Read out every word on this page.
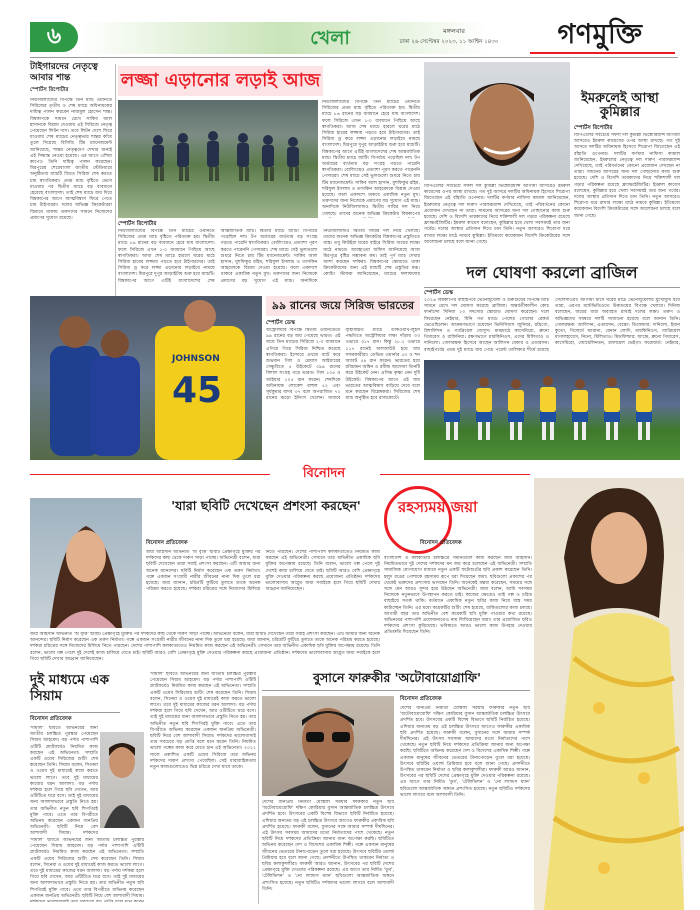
৬	খেলা	মঙ্গলবার
ঢাকা ২৬ সেপ্টেম্বর ২০২৩, ১১ আশ্বিন ১৪৩০	গণমুক্তি
টাইগারদের নেতৃত্বে আবার শান্ত
স্পোর্টস রিপোর্টার
নিউজিল্যান্ডের বিপক্ষে তিন ম্যাচ ওয়ানডে সিরিজের তৃতীয় ও শেষ ম্যাচে অধিনায়কের দায়িত্ব পালন করবেন নাজমুল হোসেন শান্ত। বিশ্বকাপকে সামনে রেখে সাকিব আল হাসানকে বিশ্রাম দেওয়ায় এই সিরিজে নেতৃত্ব পেয়েছেন লিটন দাস। তবে লিটন দেশে ফিরে যাওয়ায় শেষ ম্যাচের নেতৃত্বভার শান্তর কাঁধে তুলে দিয়েছে বিসিবি। টিম ম্যানেজমেন্ট জানিয়েছে, শান্তর নেতৃত্বগুণ দেখার জন্যই এই সিদ্ধান্ত নেওয়া হয়েছে। এর আগে এশিয়া কাপেও তিনি দায়িত্ব পালন করেছেন। মিরপুরের শেরেবাংলা জাতীয় স্টেডিয়ামে অনুষ্ঠিতব্য ম্যাচটি জিতে সিরিজ শেষ করতে চায় স্বাগতিকরা। প্রথম ম্যাচ বৃষ্টিতে ভেসে যাওয়ার পর দ্বিতীয় ম্যাচে বড় ব্যবধানে হেরেছে বাংলাদেশ। তাই শেষ ম্যাচে জয় দিয়ে বিশ্বকাপের আগে আত্মবিশ্বাস ফিরে পেতে চায় টাইগাররা। দলের অভিজ্ঞ ক্রিকেটাররা বিশ্রামে থাকায় তরুণদের সামনে নিজেদের প্রমাণের সুযোগ রয়েছে।
লজ্জা এড়ানোর লড়াই আজ
নিউজিল্যান্ডের বিপক্ষে তিন ম্যাচের ওয়ানডে সিরিজের প্রথম ম্যাচ বৃষ্টিতে পরিত্যক্ত হয়। দ্বিতীয় ম্যাচে ৮৬ রানের বড় ব্যবধানে হেরে যায় বাংলাদেশ। ফলে সিরিজে এখন ১-০ ব্যবধানে পিছিয়ে আছে স্বাগতিকরা। আজ শেষ ম্যাচে হারলে ঘরের মাঠে সিরিজ হারের লজ্জায় পড়তে হবে টাইগারদের। তাই সিরিজ ড্র করে লজ্জা এড়ানোর লড়াইয়ে নামছে বাংলাদেশ। মিরপুরে দুপুর আড়াইটায় শুরু হবে ম্যাচটি। বিশ্বকাপের আগে এটিই বাংলাদেশের শেষ আন্তর্জাতিক ম্যাচ। দ্বিতীয় ম্যাচে ব্যাটিং বিপর্যয়ে পড়েছিল দল। টপ অর্ডারের ব্যর্থতায় বড় সংগ্রহ গড়তে পারেনি স্বাগতিকরা। বোলিংয়েও প্রত্যাশা পূরণ করতে পারেননি পেসাররা। শেষ ম্যাচে সেই ভুলগুলো শুধরে নিতে চায় টিম ম্যানেজমেন্ট। সাকিব আল হাসান, মুশফিকুর রহিম, শরিফুল ইসলাম ও তাসকিন আহমেদকে বিশ্রাম দেওয়া হয়েছে। ফলে একাদশে থাকবে একাধিক নতুন মুখ। তরুণদের জন্য নিজেকে প্রমাণের বড় সুযোগ এই ম্যাচ। অন্যদিকে নিউজিল্যান্ডও দ্বিতীয় সারির দল নিয়ে খেলছে। তাদের অনেক অভিজ্ঞ ক্রিকেটার বিশ্বকাপের
স্পোর্টস রিপোর্টার
নিউজিল্যান্ডের বিপক্ষে তিন ম্যাচের ওয়ানডে সিরিজের প্রথম ম্যাচ বৃষ্টিতে পরিত্যক্ত হয়। দ্বিতীয় ম্যাচে ৮৬ রানের বড় ব্যবধানে হেরে যায় বাংলাদেশ। ফলে সিরিজে এখন ১-০ ব্যবধানে পিছিয়ে আছে স্বাগতিকরা। আজ শেষ ম্যাচে হারলে ঘরের মাঠে সিরিজ হারের লজ্জায় পড়তে হবে টাইগারদের। তাই সিরিজ ড্র করে লজ্জা এড়ানোর লড়াইয়ে নামছে বাংলাদেশ। মিরপুরে দুপুর আড়াইটায় শুরু হবে ম্যাচটি। বিশ্বকাপের আগে এটিই বাংলাদেশের শেষ আন্তর্জাতিক ম্যাচ। দ্বিতীয় ম্যাচে ব্যাটিং বিপর্যয়ে পড়েছিল দল। টপ অর্ডারের ব্যর্থতায় বড় সংগ্রহ গড়তে পারেনি স্বাগতিকরা। বোলিংয়েও প্রত্যাশা পূরণ করতে পারেননি পেসাররা। শেষ ম্যাচে সেই ভুলগুলো শুধরে নিতে চায় টিম ম্যানেজমেন্ট। সাকিব আল হাসান, মুশফিকুর রহিম, শরিফুল ইসলাম ও তাসকিন আহমেদকে বিশ্রাম দেওয়া হয়েছে। ফলে একাদশে থাকবে একাধিক নতুন মুখ। তরুণদের জন্য নিজেকে প্রমাণের বড় সুযোগ এই ম্যাচ। অন্যদিকে নিউজিল্যান্ডও দ্বিতীয় সারির দল নিয়ে খেলছে। তাদের অনেক অভিজ্ঞ ক্রিকেটার বিশ্বকাপের প্রস্তুতিতে ব্যস্ত। তবু কিউইরা ঘরের বাইরে সিরিজ জয়ের লক্ষ্যে মাঠে নামবে। আবহাওয়া অফিস জানিয়েছে আজ মিরপুরে বৃষ্টির সম্ভাবনা কম। তাই পূর্ণ ম্যাচ দেখার আশা করছেন দর্শকরা। বিশ্বকাপের স্কোয়াডে থাকা ক্রিকেটারদের জন্য এই ম্যাচটি শেষ প্রস্তুতির মঞ্চ। কোচিং স্টাফরা জানিয়েছেন, ম্যাচের ফলাফলের
ইমরুলেই আস্থা কুমিল্লার
স্পোর্টস রিপোর্টার
বিপিএলের সবচেয়ে সফল দল কুমিল্লা ভিক্টোরিয়ান্স আগামী আসরেও ইমরুল কায়েসের ওপর আস্থা রাখছে। গত দুই আসরে দলটির অধিনায়ক হিসেবে শিরোপা জিতেছেন এই বাঁহাতি ওপেনার। দলটির কর্ণধার নাফিসা কামাল জানিয়েছেন, ইমরুলের নেতৃত্বে দল দারুণ পারফরম্যান্স দেখিয়েছে, তাই পরিবর্তনের কোনো প্রয়োজন দেখছেন না তারা। সামনের আসরের জন্য দল গোছানোর কাজ শুরু হয়েছে। দেশি ও বিদেশি তারকাদের নিয়ে শক্তিশালী দল গড়ার পরিকল্পনা রয়েছে ফ্র্যাঞ্চাইজিটির। ইমরুল কায়েস বলেছেন, কুমিল্লার হয়ে খেলা সবসময়ই তার জন্য গর্বের। দলের আস্থার প্রতিদান দিতে চান তিনি। নতুন আসরেও শিরোপা ধরে রাখার লক্ষ্যে মাঠে নামবে কুমিল্লা। ইতিমধ্যে কয়েকজন বিদেশি ক্রিকেটারের সঙ্গে আলোচনা চলছে বলে জানা গেছে।
বিপিএলের সবচেয়ে সফল দল কুমিল্লা ভিক্টোরিয়ান্স আগামী আসরেও ইমরুল কায়েসের ওপর আস্থা রাখছে। গত দুই আসরে দলটির অধিনায়ক হিসেবে শিরোপা জিতেছেন এই বাঁহাতি ওপেনার। দলটির কর্ণধার নাফিসা কামাল জানিয়েছেন, ইমরুলের নেতৃত্বে দল দারুণ পারফরম্যান্স দেখিয়েছে, তাই পরিবর্তনের কোনো প্রয়োজন দেখছেন না তারা। সামনের আসরের জন্য দল গোছানোর কাজ শুরু হয়েছে। দেশি ও বিদেশি তারকাদের নিয়ে শক্তিশালী দল গড়ার পরিকল্পনা রয়েছে ফ্র্যাঞ্চাইজিটির। ইমরুল কায়েস বলেছেন, কুমিল্লার হয়ে খেলা সবসময়ই তার জন্য গর্বের। দলের আস্থার প্রতিদান দিতে চান তিনি। নতুন আসরেও শিরোপা ধরে রাখার লক্ষ্যে মাঠে নামবে কুমিল্লা। ইতিমধ্যে কয়েকজন বিদেশি ক্রিকেটারের সঙ্গে আলোচনা চলছে বলে জানা গেছে।
দল ঘোষণা করলো ব্রাজিল
স্পোর্টস ডেস্ক
২০২৬ বিশ্বকাপের বাছাইপর্বে ভেনেজুয়েলা ও উরুগুয়ের বিপক্ষে ম্যাচ সামনে রেখে দল ঘোষণা করেছে ব্রাজিল। অন্তর্বর্তীকালীন কোচ ফার্নান্দো দিনিজ ২৩ সদস্যের স্কোয়াড ঘোষণা করেছেন। দলে ফিরেছেন নেইমার, যিনি গত ম্যাচে পেলের গোলের রেকর্ড ভেঙেছিলেন। আক্রমণভাগে রয়েছেন ভিনিসিয়াস জুনিয়র, রদ্রিগো, রিশার্লিসন ও গ্যাব্রিয়েল জেসুস। মাঝমাঠে কাসেমিরো, ব্রুনো গিমারেস ও রাফিনিয়া। রক্ষণভাগে মারকিনিওস, এদের মিলিতাও ও দানিলো। গোলরক্ষক হিসেবে আছেন আলিসন বেকার ও এডারসন। বাছাইপর্বের প্রথম দুই ম্যাচে জয় পেয়ে পয়েন্ট তালিকার শীর্ষে রয়েছে সেলেসাওরা। আগামী মাসে ঘরের মাঠে ভেনেজুয়েলার মুখোমুখি হবে তারা, এরপর মন্টেভিডিওতে উরুগুয়ের বিপক্ষে খেলবে। দিনিজ বলেছেন, জয়ের ধারা অব্যাহত রাখাই দলের লক্ষ্য। তরুণ ও অভিজ্ঞদের সমন্বয়ে দলটি সাজানো হয়েছে বলে জানান তিনি। গোলরক্ষক: আলিসন, এডারসন, বেন্তো। ডিফেন্ডার: দানিলো, ইয়ান কুতো, গিলের্মে আরানা, রেনান লোদি, মারকিনিওস, গ্যাব্রিয়েল মাগালহায়েস, নিনো, মিলিতাও। মিডফিল্ডার: আন্দ্রে, ব্রুনো গিমারেস, কাসেমিরো, জোয়েলিনতন, রাফায়েল ভেইগা। ফরোয়ার্ড: নেইমার,
45
JOHNSON
৯৯ রানের জয়ে সিরিজ ভারতের
স্পোর্টস ডেস্ক
অস্ট্রেলিয়ার বিপক্ষে দ্বিতীয় ওয়ানডেতে ৯৯ রানের বড় জয় পেয়েছে ভারত। এই জয়ে তিন ম্যাচের সিরিজে ২-০ ব্যবধানে এগিয়ে গিয়ে সিরিজ নিশ্চিত করেছে স্বাগতিকরা। ইন্দোরে প্রথমে ব্যাট করে শুভমান গিল ও শ্রেয়াস আইয়ারের সেঞ্চুরিতে ৫ উইকেটে ৩৯৯ রানের বিশাল সংগ্রহ গড়ে ভারত। গিল ১০৪ ও আইয়ার ১০৫ রান করেন। শেষদিকে অধিনায়ক লোকেশ রাহুল ৫২ এবং সূর্যকুমার যাদব ৩৭ বলে অপরাজিত ৭২ রানের ঝড়ো ইনিংস খেলেন। জবাবে বৃষ্টিবিঘ্নিত ম্যাচে ডাকওয়ার্থ-লুইস পদ্ধতিতে অস্ট্রেলিয়ার লক্ষ্য দাঁড়ায় ৩৩ ওভারে ৩১৭ রান। কিন্তু ২৮.২ ওভারে ২১৭ রানেই অলআউট হয়ে যায় সফরকারীরা। ডেভিড ওয়ার্নার ৫৩ ও শন অ্যাবট ৫৪ রান করেন। ভারতের হয়ে রবিচন্দ্রন অশ্বিন ও রবীন্দ্র জাদেজা তিনটি করে উইকেট নেন। প্রসিদ্ধ কৃষ্ণা নেন দুটি উইকেট। বিশ্বকাপের আগে এই জয় ভারতের আত্মবিশ্বাস বাড়িয়ে দেবে বলে মনে করছেন বিশ্লেষকরা। সিরিজের শেষ ম্যাচ অনুষ্ঠিত হবে রাজকোটে।
বিনোদন
'যারা ছবিটি দেখেছেন প্রশংসা করছেন'
বিনোদন প্রতিবেদক
জয়া আহসান অভিনীত 'অ বৃত্তি' ছবিটি প্রেক্ষাগৃহে মুক্তির পর দর্শকদের কাছ থেকে দারুণ সাড়া পাচ্ছে। অভিনেত্রী বলেন, যারা ছবিটি দেখেছেন তারা সবাই প্রশংসা করছেন। এটি আমার জন্য অনেক আনন্দের। ছবিটি নির্মাণ করেছেন এক তরুণ নির্মাতা। গল্পে একজন সংগ্রামী নারীর জীবনের নানা দিক তুলে ধরা হয়েছে। জয়া জানান, চরিত্রটি ফুটিয়ে তুলতে তাকে অনেক পরিশ্রম করতে হয়েছে। দর্শকরা চরিত্রের সঙ্গে নিজেদের মিলিয়ে নিতে পারছেন। দেশের পাশাপাশি কলকাতাতেও নিয়মিত কাজ করছেন এই অভিনেত্রী। সেখানে তার অভিনীত একাধিক ছবি মুক্তির অপেক্ষায় রয়েছে। তিনি বলেন, ভালো গল্প পেলে দুই দেশেই কাজ চালিয়ে যেতে চাই। ছবিটি আরও বেশি প্রেক্ষাগৃহে মুক্তি দেওয়ার পরিকল্পনা করছে প্রযোজনা প্রতিষ্ঠান। দর্শকদের ভালোবাসায় আপ্লুত জয়া সবাইকে হলে গিয়ে ছবিটি দেখার আহ্বান জানিয়েছেন।
জয়া আহসান অভিনীত 'অ বৃত্তি' ছবিটি প্রেক্ষাগৃহে মুক্তির পর দর্শকদের কাছ থেকে দারুণ সাড়া পাচ্ছে। অভিনেত্রী বলেন, যারা ছবিটি দেখেছেন তারা সবাই প্রশংসা করছেন। এটি আমার জন্য অনেক আনন্দের। ছবিটি নির্মাণ করেছেন এক তরুণ নির্মাতা। গল্পে একজন সংগ্রামী নারীর জীবনের নানা দিক তুলে ধরা হয়েছে। জয়া জানান, চরিত্রটি ফুটিয়ে তুলতে তাকে অনেক পরিশ্রম করতে হয়েছে। দর্শকরা চরিত্রের সঙ্গে নিজেদের মিলিয়ে নিতে পারছেন। দেশের পাশাপাশি কলকাতাতেও নিয়মিত কাজ করছেন এই অভিনেত্রী। সেখানে তার অভিনীত একাধিক ছবি মুক্তির অপেক্ষায় রয়েছে। তিনি বলেন, ভালো গল্প পেলে দুই দেশেই কাজ চালিয়ে যেতে চাই। ছবিটি আরও বেশি প্রেক্ষাগৃহে মুক্তি দেওয়ার পরিকল্পনা করছে প্রযোজনা প্রতিষ্ঠান। দর্শকদের ভালোবাসায় আপ্লুত জয়া সবাইকে হলে গিয়ে ছবিটি দেখার আহ্বান জানিয়েছেন।
রহস্যময় জয়া
বিনোদন প্রতিবেদক
বাংলাদেশ ও কলকাতার চলচ্চিত্রে সমানতালে কাজ করছেন জয়া আহসান। নিয়মিতভাবে দুই দেশের দর্শকদের মন জয় করে চলেছেন এই অভিনেত্রী। সম্প্রতি সামাজিক যোগাযোগ মাধ্যমে নতুন একটি ফটোশুটের ছবি প্রকাশ করেছেন তিনি। হলুদ রঙের পোশাকে রহস্যময় রূপে ধরা দিয়েছেন জয়া। ছবিগুলো প্রকাশের পর থেকেই ভক্তদের প্রশংসায় ভাসছেন তিনি। অনেকেই মন্তব্য করেছেন, সময়ের সঙ্গে সঙ্গে যেন আরও সুন্দর হয়ে উঠছেন অভিনেত্রী। জয়া বলেন, আমি সবসময় নিজেকে নতুনভাবে উপস্থাপন করতে চাই। কাজের ক্ষেত্রেও তাই গল্প ও চরিত্র বাছাইয়ে সতর্ক থাকি। বর্তমানে একাধিক নতুন ছবির কাজ নিয়ে ব্যস্ত সময় কাটাচ্ছেন তিনি। এর মধ্যে কয়েকটির শুটিং শেষ হয়েছে, বাকিগুলোর কাজ চলছে। আগামী বছর তার অভিনীত বেশ কয়েকটি ছবি মুক্তি পাওয়ার কথা রয়েছে। অভিনয়ের পাশাপাশি প্রযোজনাতেও নাম লিখিয়েছেন জয়া। তার প্রযোজিত ছবিও দর্শকদের প্রশংসা কুড়িয়েছে। ভবিষ্যতে আরও ভালো কাজ উপহার দেওয়ার প্রতিশ্রুতি দিয়েছেন তিনি।
দুই মাধ্যমে এক সিয়াম
বিনোদন প্রতিবেদক
'দামাল' ছবিতে অভিনয়ের জন্য জাতীয় চলচ্চিত্র পুরস্কার পেয়েছেন সিয়াম আহমেদ। বড় পর্দার পাশাপাশি ওটিটি প্ল্যাটফর্মেও নিয়মিত কাজ করছেন এই অভিনেতা। সম্প্রতি একটি ওয়েব সিরিজের শুটিং শেষ করেছেন তিনি। সিয়াম বলেন, সিনেমা ও ওয়েব দুই মাধ্যমেই কাজ করতে ভালো লাগে। তবে দুই মাধ্যমের কাজের ধরন আলাদা। বড় পর্দায় দর্শকরা হলে গিয়ে ছবি দেখেন, আর ওটিটিতে ঘরে বসে। তাই দুই মাধ্যমের জন্য আলাদাভাবে প্রস্তুতি নিতে হয়। তার অভিনীত নতুন ছবি শিগগিরই মুক্তি পাবে। এতে তার বিপরীতে অভিনয় করেছেন একজন জনপ্রিয় অভিনেত্রী। ছবিটি নিয়ে বেশ আশাবাদী সিয়াম। দর্শকদের
'দামাল' ছবিতে অভিনয়ের জন্য জাতীয় চলচ্চিত্র পুরস্কার পেয়েছেন সিয়াম আহমেদ। বড় পর্দার পাশাপাশি ওটিটি প্ল্যাটফর্মেও নিয়মিত কাজ করছেন এই অভিনেতা। সম্প্রতি একটি ওয়েব সিরিজের শুটিং শেষ করেছেন তিনি। সিয়াম বলেন, সিনেমা ও ওয়েব দুই মাধ্যমেই কাজ করতে ভালো লাগে। তবে দুই মাধ্যমের কাজের ধরন আলাদা। বড় পর্দায় দর্শকরা হলে গিয়ে ছবি দেখেন, আর ওটিটিতে ঘরে বসে। তাই দুই মাধ্যমের জন্য আলাদাভাবে প্রস্তুতি নিতে হয়। তার অভিনীত নতুন ছবি শিগগিরই মুক্তি পাবে। এতে তার বিপরীতে অভিনয় করেছেন একজন জনপ্রিয় অভিনেত্রী। ছবিটি নিয়ে বেশ আশাবাদী সিয়াম।
'দামাল' ছবিতে অভিনয়ের জন্য জাতীয় চলচ্চিত্র পুরস্কার পেয়েছেন সিয়াম আহমেদ। বড় পর্দার পাশাপাশি ওটিটি প্ল্যাটফর্মেও নিয়মিত কাজ করছেন এই অভিনেতা। সম্প্রতি একটি ওয়েব সিরিজের শুটিং শেষ করেছেন তিনি। সিয়াম বলেন, সিনেমা ও ওয়েব দুই মাধ্যমেই কাজ করতে ভালো লাগে। তবে দুই মাধ্যমের কাজের ধরন আলাদা। বড় পর্দায় দর্শকরা হলে গিয়ে ছবি দেখেন, আর ওটিটিতে ঘরে বসে। তাই দুই মাধ্যমের জন্য আলাদাভাবে প্রস্তুতি নিতে হয়। তার অভিনীত নতুন ছবি শিগগিরই মুক্তি পাবে। এতে তার বিপরীতে অভিনয় করেছেন একজন জনপ্রিয় অভিনেত্রী। ছবিটি নিয়ে বেশ আশাবাদী সিয়াম। দর্শকদের ভালোবাসাই তার সবচেয়ে বড় প্রাপ্তি বলে মনে করেন তিনি। নিয়মিত ভালো গল্পের কাজ করে যেতে চান এই অভিনেতা। ২০২২ সালে প্রকাশিত একটি ওয়েব সিরিজে তার অভিনয় দর্শকদের দারুণ প্রশংসা পেয়েছিল। সেই ধারাবাহিকতায় নতুন কাজগুলোতেও ভিন্ন চরিত্রে দেখা যাবে তাকে।
বুসানে ফারুকীর 'অটোবায়োগ্রাফি'
দেশের জনপ্রিয় নির্মাতা মোস্তফা সরয়ার ফারুকীর নতুন ছবি 'অটোবায়োগ্রাফি' দক্ষিণ কোরিয়ার বুসান আন্তর্জাতিক চলচ্চিত্র উৎসবে প্রদর্শিত হবে। উৎসবের একটি বিশেষ বিভাগে ছবিটি নির্বাচিত হয়েছে। এশিয়ার অন্যতম বড় এই চলচ্চিত্র উৎসবে আগেও ফারুকীর একাধিক ছবি প্রদর্শিত হয়েছে। ফারুকী বলেন, বুসানের সঙ্গে আমার সম্পর্ক দীর্ঘদিনের। এই উৎসব সবসময় আমাদের মতো নির্মাতাদের পাশে থেকেছে। নতুন ছবিটি নিয়ে দর্শকদের প্রতিক্রিয়া জানার জন্য অপেক্ষা করছি। ছবিটিতে অভিনয় করেছেন দেশ ও বিদেশের একাধিক শিল্পী। গল্পে একজন মানুষের জীবনের ভেতরের টানাপোড়েন তুলে ধরা হয়েছে। উৎসবে ছবিটির ওয়ার্ল্ড প্রিমিয়ার হবে বলে জানা গেছে। প্রদর্শনীতে উপস্থিত থাকবেন নির্মাতা ও ছবির কলাকুশলীরা। ফারুকী আরও জানান, উৎসবের পর ছবিটি দেশের প্রেক্ষাগৃহে মুক্তি দেওয়ার পরিকল্পনা রয়েছে। এর আগে তার নির্মিত 'ডুব', 'টেলিভিশন' ও 'নো ল্যান্ডস ম্যান' ছবিগুলো আন্তর্জাতিক অঙ্গনে প্রশংসিত হয়েছে। নতুন ছবিটিও দর্শকদের ভালো লাগবে বলে আশাবাদী তিনি।
বিনোদন প্রতিবেদক
দেশের জনপ্রিয় নির্মাতা মোস্তফা সরয়ার ফারুকীর নতুন ছবি 'অটোবায়োগ্রাফি' দক্ষিণ কোরিয়ার বুসান আন্তর্জাতিক চলচ্চিত্র উৎসবে প্রদর্শিত হবে। উৎসবের একটি বিশেষ বিভাগে ছবিটি নির্বাচিত হয়েছে। এশিয়ার অন্যতম বড় এই চলচ্চিত্র উৎসবে আগেও ফারুকীর একাধিক ছবি প্রদর্শিত হয়েছে। ফারুকী বলেন, বুসানের সঙ্গে আমার সম্পর্ক দীর্ঘদিনের। এই উৎসব সবসময় আমাদের মতো নির্মাতাদের পাশে থেকেছে। নতুন ছবিটি নিয়ে দর্শকদের প্রতিক্রিয়া জানার জন্য অপেক্ষা করছি। ছবিটিতে অভিনয় করেছেন দেশ ও বিদেশের একাধিক শিল্পী। গল্পে একজন মানুষের জীবনের ভেতরের টানাপোড়েন তুলে ধরা হয়েছে। উৎসবে ছবিটির ওয়ার্ল্ড প্রিমিয়ার হবে বলে জানা গেছে। প্রদর্শনীতে উপস্থিত থাকবেন নির্মাতা ও ছবির কলাকুশলীরা। ফারুকী আরও জানান, উৎসবের পর ছবিটি দেশের প্রেক্ষাগৃহে মুক্তি দেওয়ার পরিকল্পনা রয়েছে। এর আগে তার নির্মিত 'ডুব', 'টেলিভিশন' ও 'নো ল্যান্ডস ম্যান' ছবিগুলো আন্তর্জাতিক অঙ্গনে প্রশংসিত হয়েছে। নতুন ছবিটিও দর্শকদের ভালো লাগবে বলে আশাবাদী তিনি।
